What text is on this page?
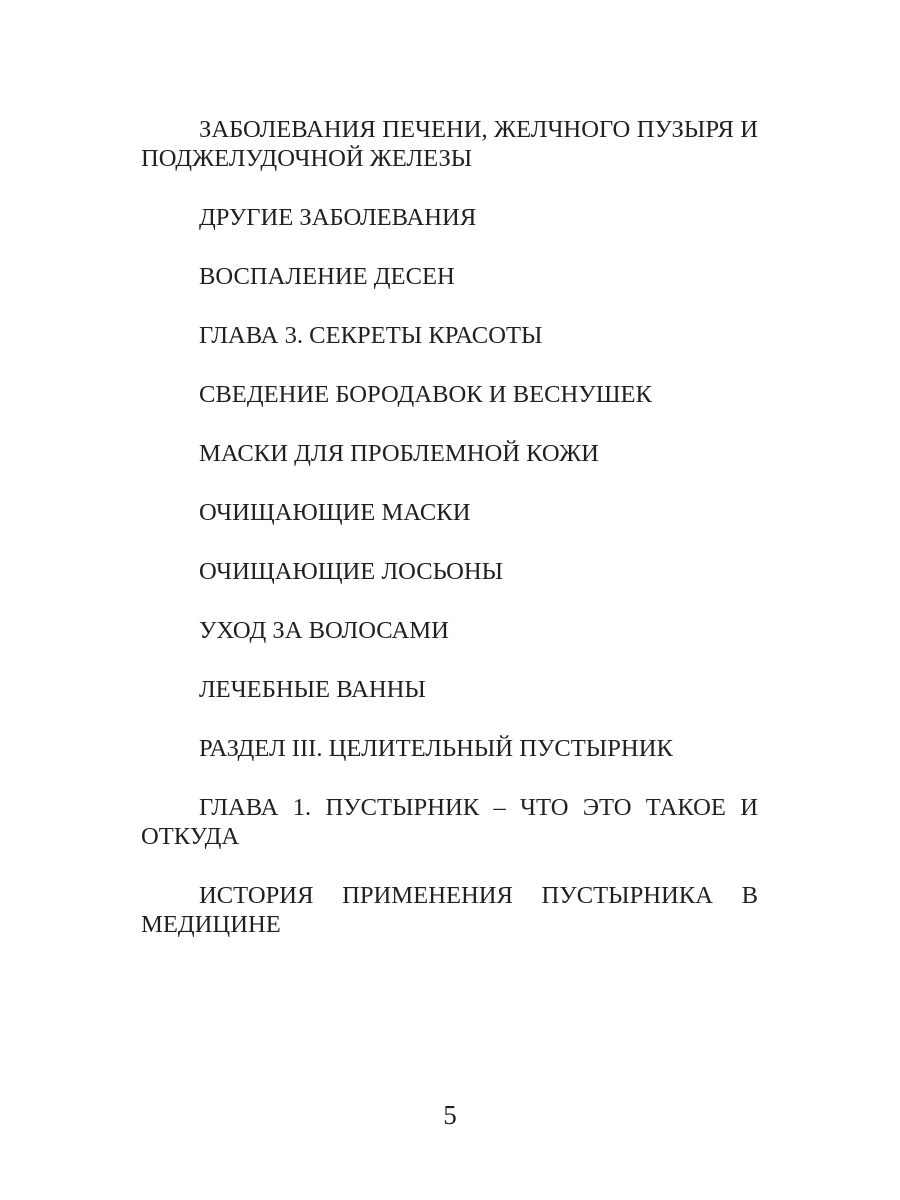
ЗАБОЛЕВАНИЯ ПЕЧЕНИ, ЖЕЛЧНОГО ПУЗЫРЯ И ПОДЖЕЛУДОЧНОЙ ЖЕЛЕЗЫ
ДРУГИЕ ЗАБОЛЕВАНИЯ
ВОСПАЛЕНИЕ ДЕСЕН
ГЛАВА 3. СЕКРЕТЫ КРАСОТЫ
СВЕДЕНИЕ БОРОДАВОК И ВЕСНУШЕК
МАСКИ ДЛЯ ПРОБЛЕМНОЙ КОЖИ
ОЧИЩАЮЩИЕ МАСКИ
ОЧИЩАЮЩИЕ ЛОСЬОНЫ
УХОД ЗА ВОЛОСАМИ
ЛЕЧЕБНЫЕ ВАННЫ
РАЗДЕЛ III. ЦЕЛИТЕЛЬНЫЙ ПУСТЫРНИК
ГЛАВА 1. ПУСТЫРНИК – ЧТО ЭТО ТАКОЕ И ОТКУДА
ИСТОРИЯ ПРИМЕНЕНИЯ ПУСТЫРНИКА В МЕДИЦИНЕ
5
